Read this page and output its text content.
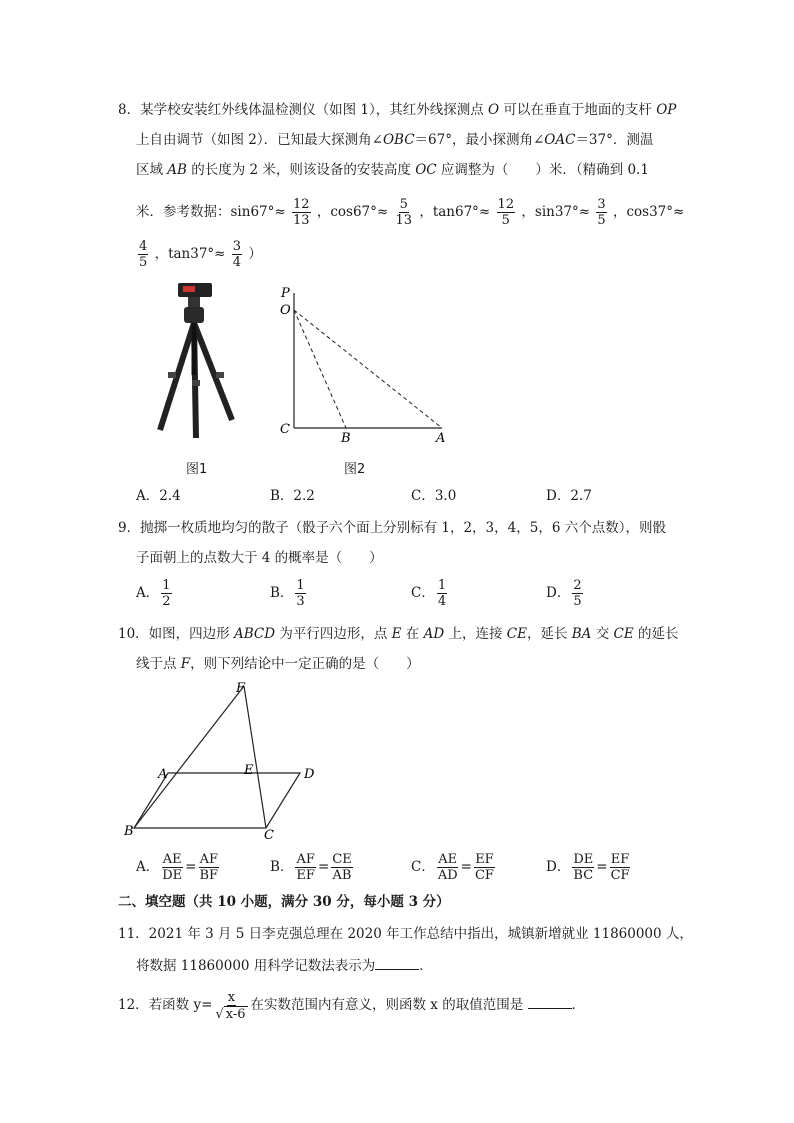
8．某学校安装红外线体温检测仪（如图 1），其红外线探测点 O 可以在垂直于地面的支杆 OP
上自由调节（如图 2）．已知最大探测角∠OBC＝67°，最小探测角∠OAC＝37°．测温
区域 AB 的长度为 2 米，则该设备的安装高度 OC 应调整为（　　）米．（精确到 0.1
米．参考数据：$\sin 67^\circ\approx \frac{12}{13}$ ，$\cos 67^\circ\approx \frac{5}{13}$ ，$\tan 67^\circ\approx \frac{12}{5}$ ，$\sin 37^\circ\approx \frac{3}{5}$ ，cos37°≈
$\frac{4}{5}$ ，$\tan 37^\circ\approx \frac{3}{4}$ ）
图1
P
O
C
B	A
图2
A．2.4	B．2.2	C．3.0	D．2.7
9．抛掷一枚质地均匀的散子（骰子六个面上分别标有 1，2，3，4，5，6 六个点数），则骰
子面朝上的点数大于 4 的概率是（　　）
A． $\frac{1}{2}$	B． $\frac{1}{3}$	C． $\frac{1}{4}$	D． $\frac{2}{5}$
10．如图，四边形 ABCD 为平行四边形，点 E 在 AD 上，连接 CE，延长 BA 交 CE 的延长
线于点 F，则下列结论中一定正确的是（　　）
F
A	E	D
B	C
A． $\frac{AE}{DE} = \frac{AF}{BF}$	B． $\frac{AF}{EF} = \frac{CE}{AB}$	C． $\frac{AE}{AD} = \frac{EF}{CF}$	D． $\frac{DE}{BC} = \frac{EF}{CF}$
二、填空题（共 10 小题，满分 30 分，每小题 3 分）
11．2021 年 3 月 5 日李克强总理在 2020 年工作总结中指出，城镇新增就业 11860000 人，
将数据 11860000 用科学记数法表示为	．
12．若函数 $y= \frac{x}{√ x-6}$ 在实数范围内有意义，则函数 x 的取值范围是	．
